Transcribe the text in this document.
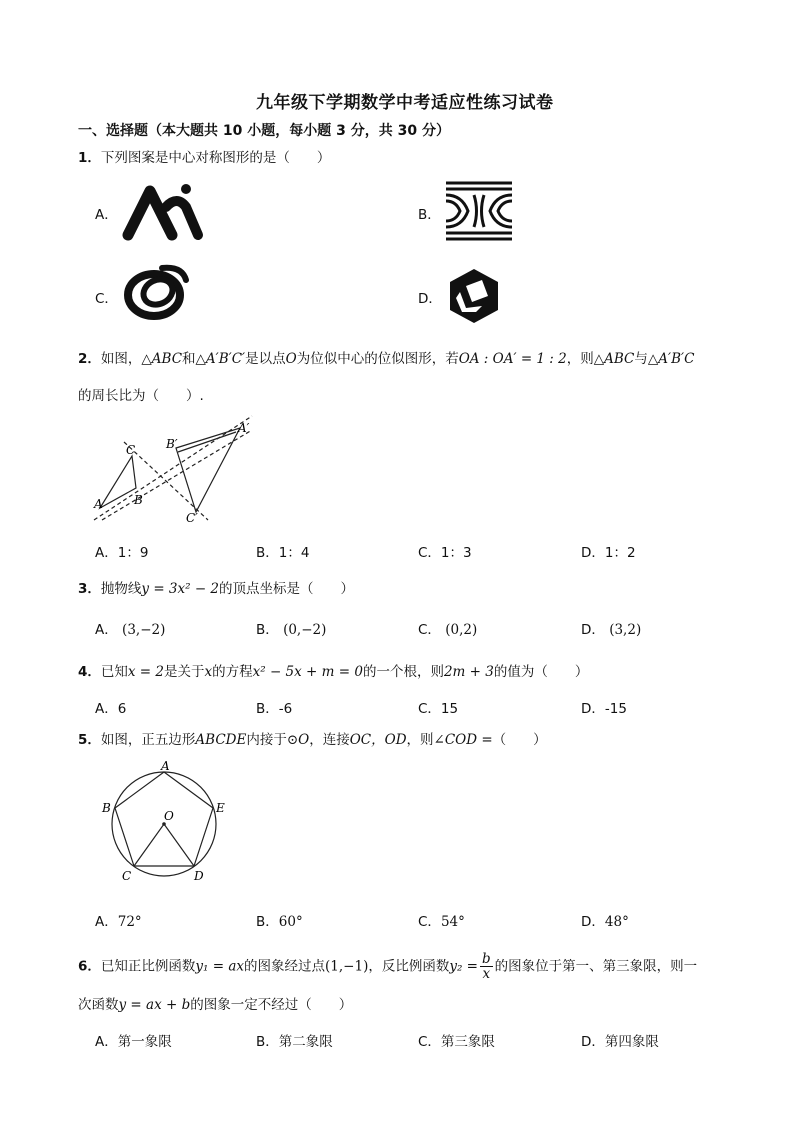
九年级下学期数学中考适应性练习试卷
一、选择题（本大题共 10 小题，每小题 3 分，共 30 分）
1．下列图案是中心对称图形的是（　　）
A．	B．
C．	D．
2．如图，△ABC和△A′B′C′是以点O为位似中心的位似图形，若OA : OA′ = 1 : 2，则△ABC与△A′B′C
的周长比为（　　）.
C
A	B
B′
A′
C′
A．1：9	B．1：4	C．1：3	D．1：2
3．抛物线y = 3x² − 2的顶点坐标是（　　）
A． (3,−2)	B． (0,−2)	C． (0,2)	D． (3,2)
4．已知x = 2是关于x的方程x² − 5x + m = 0的一个根，则2m + 3的值为（　　）
A．6	B．-6	C．15	D．-15
5．如图，正五边形ABCDE内接于⊙O，连接OC，OD，则∠COD =（　　）
A
B
C	D
E
O
A．72°	B．60°	C．54°	D．48°
6．已知正比例函数y₁ = ax的图象经过点(1,−1)，反比例函数$y_2 = \frac{b}{x}$ 的图象位于第一、第三象限，则一
次函数y = ax + b的图象一定不经过（　　）
A．第一象限	B．第二象限	C．第三象限	D．第四象限
